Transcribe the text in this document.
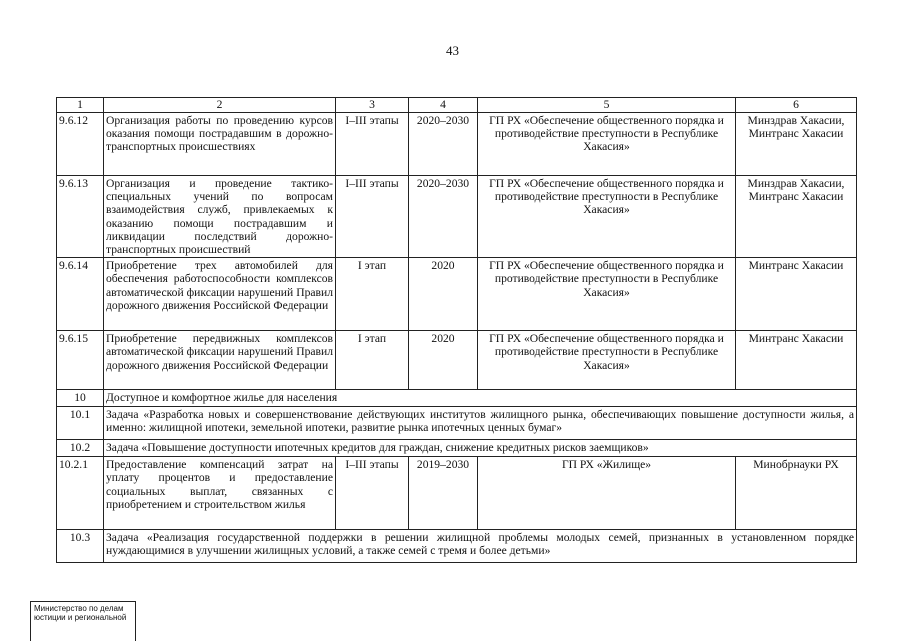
43
1	2	3	4	5	6
9.6.12	Организация работы по проведению курсов оказания помощи пострадавшим в дорожно-транспортных происшествиях	I–III этапы	2020–2030	ГП РХ «Обеспечение общественного порядка и противодействие преступности в Республике Хакасия»	Минздрав Хакасии, Минтранс Хакасии
9.6.13	Организация и проведение тактико-специальных учений по вопросам взаимодействия служб, привлекаемых к оказанию помощи пострадавшим и ликвидации последствий дорожно-транспортных происшествий	I–III этапы	2020–2030	ГП РХ «Обеспечение общественного порядка и противодействие преступности в Республике Хакасия»	Минздрав Хакасии, Минтранс Хакасии
9.6.14	Приобретение трех автомобилей для обеспечения работоспособности комплексов автоматической фиксации нарушений Правил дорожного движения Российской Федерации	I этап	2020	ГП РХ «Обеспечение общественного порядка и противодействие преступности в Республике Хакасия»	Минтранс Хакасии
9.6.15	Приобретение передвижных комплексов автоматической фиксации нарушений Правил дорожного движения Российской Федерации	I этап	2020	ГП РХ «Обеспечение общественного порядка и противодействие преступности в Республике Хакасия»	Минтранс Хакасии
10	Доступное и комфортное жилье для населения				
10.1	Задача «Разработка новых и совершенствование действующих институтов жилищного рынка, обеспечивающих повышение доступности жилья, а именно: жилищной ипотеки, земельной ипотеки, развитие рынка ипотечных ценных бумаг»				
10.2	Задача «Повышение доступности ипотечных кредитов для граждан, снижение кредитных рисков заемщиков»				
10.2.1	Предоставление компенсаций затрат на уплату процентов и предоставление социальных выплат, связанных с приобретением и строительством жилья	I–III этапы	2019–2030	ГП РХ «Жилище»	Минобрнауки РХ
10.3	Задача «Реализация государственной поддержки в решении жилищной проблемы молодых семей, признанных в установленном порядке нуждающимися в улучшении жилищных условий, а также семей с тремя и более детьми»				
Министерство по делам
юстиции и региональной
